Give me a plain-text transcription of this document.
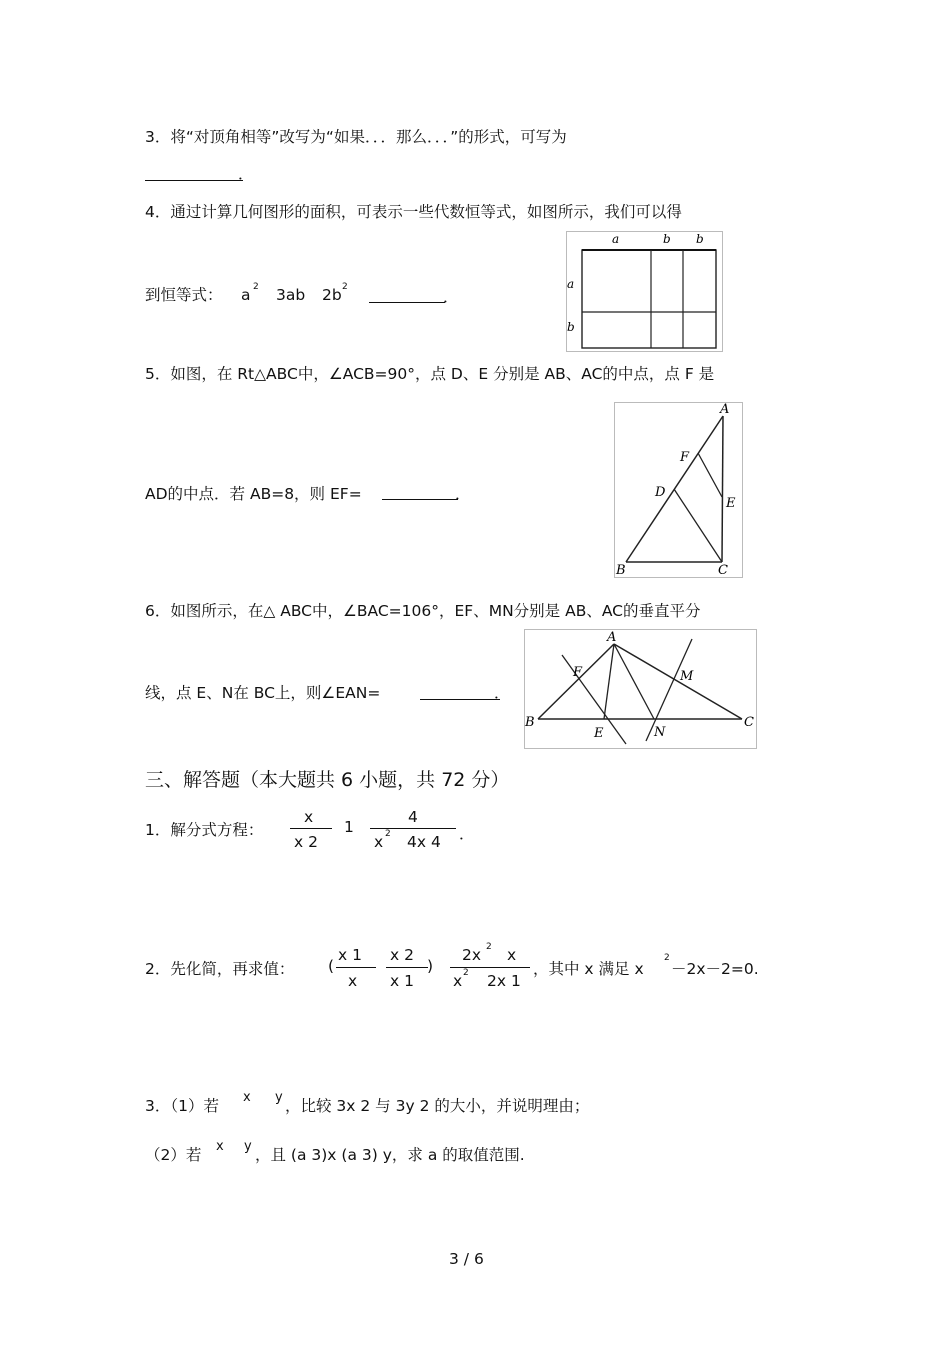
3．将“对顶角相等”改写为“如果．．．那么．．．”的形式，可写为
．
4．通过计算几何图形的面积，可表示一些代数恒等式，如图所示，我们可以得
到恒等式： a 2 3ab 2b 2
．
a	b b
a
b
5．如图，在 Rt△ABC中，∠ACB=90°，点 D、E 分别是 AB、AC的中点，点 F 是
AD的中点．若 AB=8，则 EF=	．
A
F
D
E
B	C
6．如图所示，在△ ABC中，∠BAC=106°，EF、MN分别是 AB、AC的垂直平分
线，点 E、N在 BC上，则∠EAN=	．
A
F	M
B
E	N
C
三、解答题（本大题共 6 小题，共 72 分）
1．解分式方程：
x
x 2
1
4
x 2 4x 4 ．
2．先化简，再求值： (
x 1
x
x 2
x 1
)
2x 2 x
x 2 2x 1
，其中 x 满足 x
2
－2x－2=0.
3．（1）若 x y ，比较 3x 2 与 3y 2 的大小，并说明理由；
（2）若 x y ，且 (a 3)x (a 3) y，求 a 的取值范围.
3 / 6
